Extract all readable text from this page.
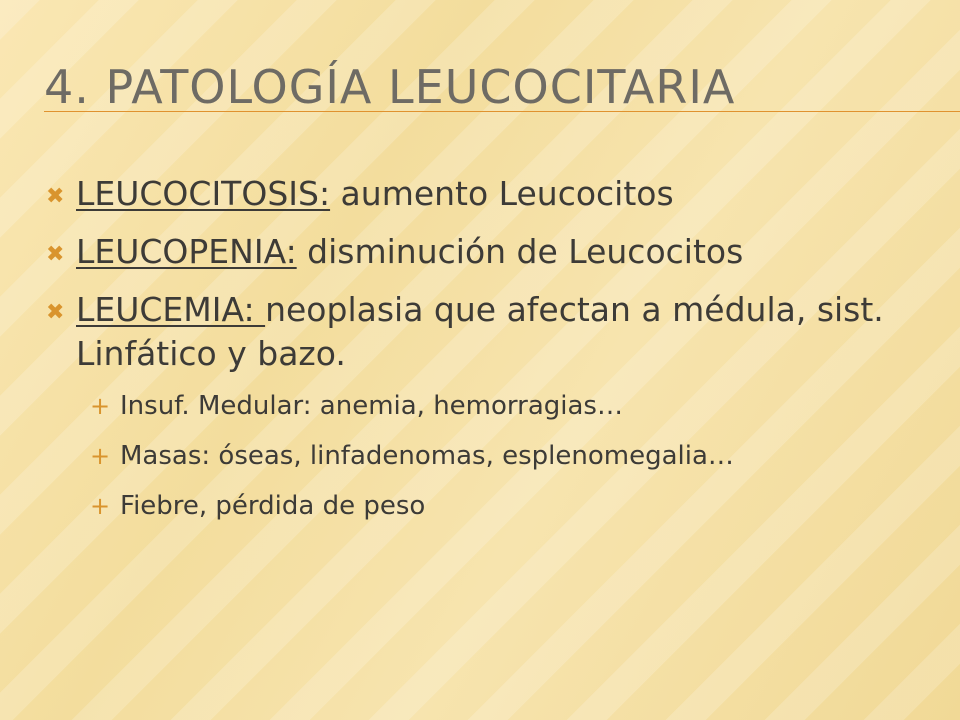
4. PATOLOGÍA LEUCOCITARIA
✖ LEUCOCITOSIS: aumento Leucocitos
✖ LEUCOPENIA: disminución de Leucocitos
✖ LEUCEMIA: neoplasia que afectan a médula, sist. Linfático y bazo.
+ Insuf. Medular: anemia, hemorragias…
+ Masas: óseas, linfadenomas, esplenomegalia…
+ Fiebre, pérdida de peso
